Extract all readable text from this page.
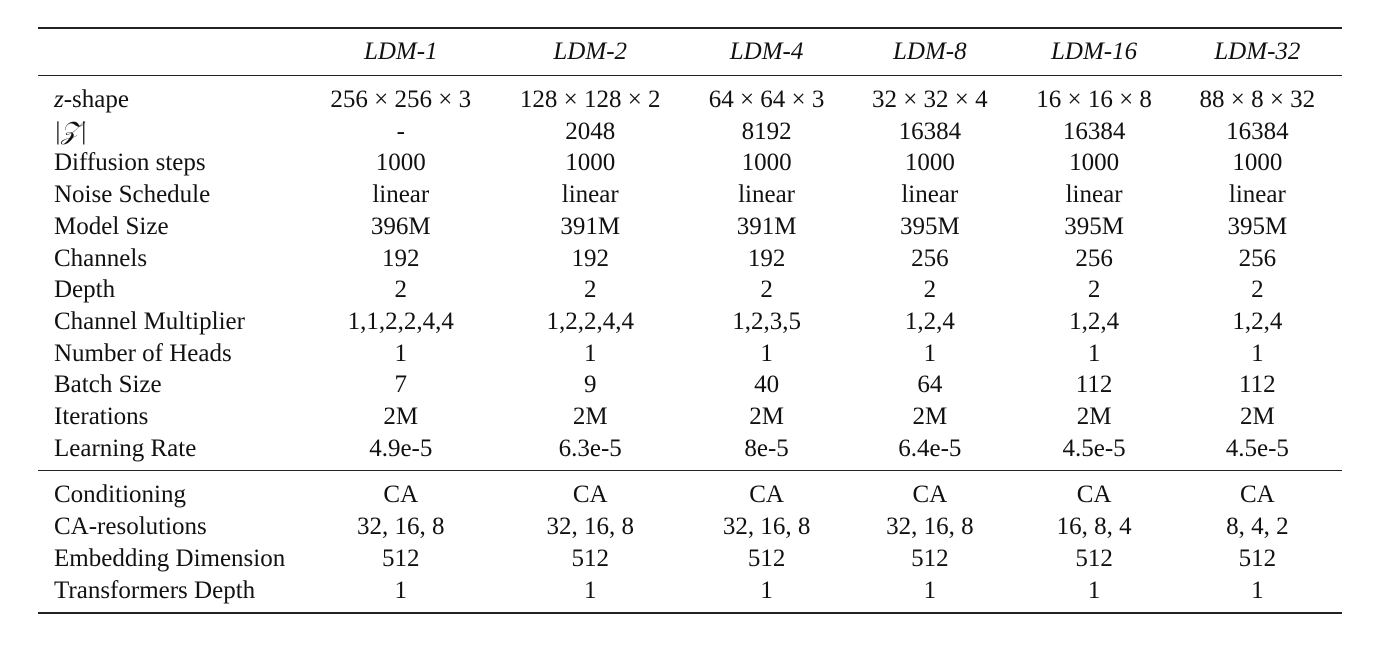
	LDM-1	LDM-2	LDM-4	LDM-8	LDM-16	LDM-32
z-shape	256 × 256 × 3	128 × 128 × 2	64 × 64 × 3	32 × 32 × 4	16 × 16 × 8	88 × 8 × 32
|𝒵|	-	2048	8192	16384	16384	16384
Diffusion steps	1000	1000	1000	1000	1000	1000
Noise Schedule	linear	linear	linear	linear	linear	linear
Model Size	396M	391M	391M	395M	395M	395M
Channels	192	192	192	256	256	256
Depth	2	2	2	2	2	2
Channel Multiplier	1,1,2,2,4,4	1,2,2,4,4	1,2,3,5	1,2,4	1,2,4	1,2,4
Number of Heads	1	1	1	1	1	1
Batch Size	7	9	40	64	112	112
Iterations	2M	2M	2M	2M	2M	2M
Learning Rate	4.9e-5	6.3e-5	8e-5	6.4e-5	4.5e-5	4.5e-5
Conditioning	CA	CA	CA	CA	CA	CA
CA-resolutions	32, 16, 8	32, 16, 8	32, 16, 8	32, 16, 8	16, 8, 4	8, 4, 2
Embedding Dimension	512	512	512	512	512	512
Transformers Depth	1	1	1	1	1	1
